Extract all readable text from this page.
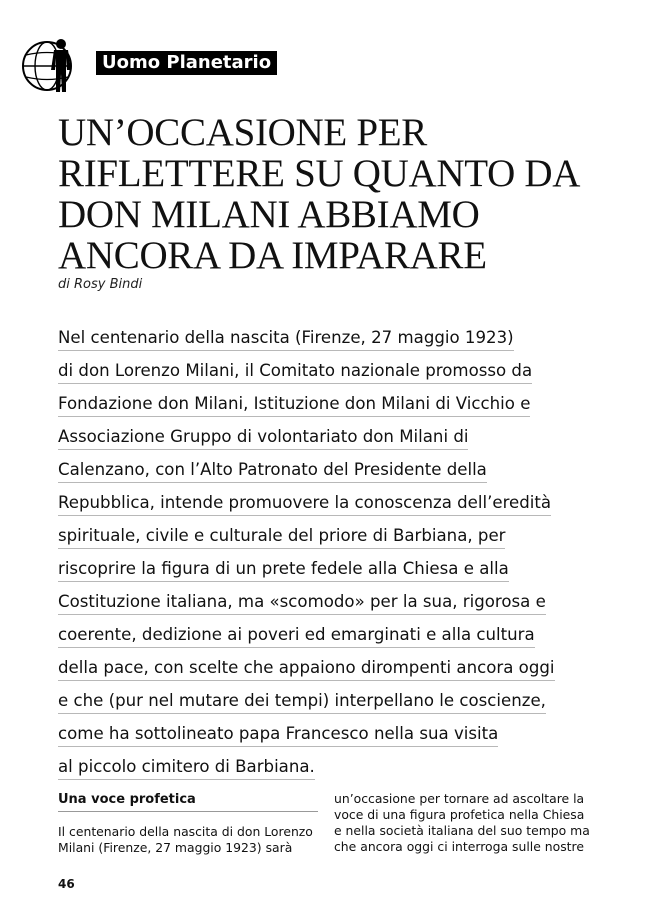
Uomo Planetario
UN’OCCASIONE PER
RIFLETTERE SU QUANTO DA
DON MILANI ABBIAMO
ANCORA DA IMPARARE
di Rosy Bindi
Nel centenario della nascita (Firenze, 27 maggio 1923)
di don Lorenzo Milani, il Comitato nazionale promosso da
Fondazione don Milani, Istituzione don Milani di Vicchio e
Associazione Gruppo di volontariato don Milani di
Calenzano, con l’Alto Patronato del Presidente della
Repubblica, intende promuovere la conoscenza dell’eredità
spirituale, civile e culturale del priore di Barbiana, per
riscoprire la figura di un prete fedele alla Chiesa e alla
Costituzione italiana, ma «scomodo» per la sua, rigorosa e
coerente, dedizione ai poveri ed emarginati e alla cultura
della pace, con scelte che appaiono dirompenti ancora oggi
e che (pur nel mutare dei tempi) interpellano le coscienze,
come ha sottolineato papa Francesco nella sua visita
al piccolo cimitero di Barbiana.
Una voce profetica
Il centenario della nascita di don Lorenzo
Milani (Firenze, 27 maggio 1923) sarà
un’occasione per tornare ad ascoltare la
voce di una figura profetica nella Chiesa
e nella società italiana del suo tempo ma
che ancora oggi ci interroga sulle nostre
46
